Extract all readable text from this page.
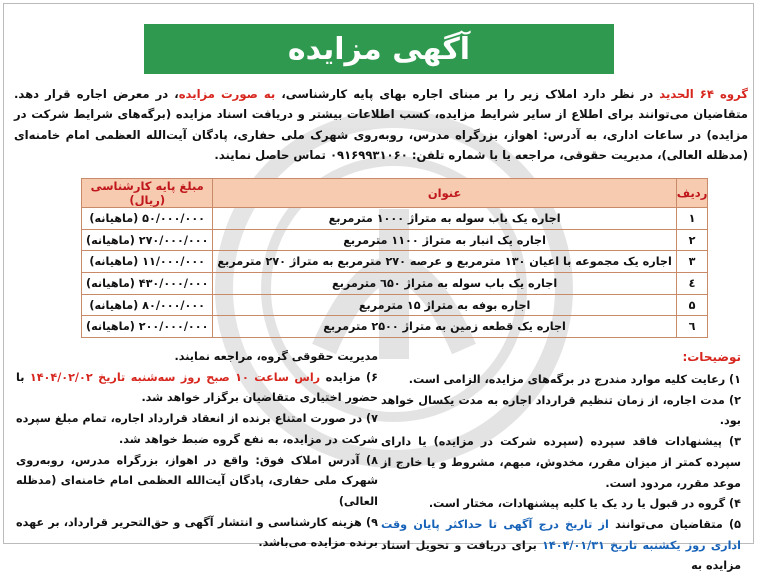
آگهی مزایده
گروه ۶۴ الحدید در نظر دارد املاک زیر را بر مبنای اجاره بهای پایه کارشناسی، به صورت مزایده، در معرض اجاره قرار دهد. متقاضیان می‌توانند برای اطلاع از سایر شرایط مزایده، کسب اطلاعات بیشتر و دریافت اسناد مزایده (برگه‌های شرایط شرکت در مزایده) در ساعات اداری، به آدرس: اهواز، بزرگراه مدرس، روبه‌روی شهرک ملی حفاری، پادگان آیت‌الله العظمی امام خامنه‌ای (مدظله العالی)، مدیریت حقوقی، مراجعه یا با شماره تلفن: ۰۹۱۶۹۹۳۱۰۶۰ تماس حاصل نمایند.
ردیف	عنوان	مبلغ پایه کارشناسی (ریال)
۱	اجاره یک باب سوله به متراژ ۱۰۰۰ مترمربع	۵۰/۰۰۰/۰۰۰ (ماهیانه)
۲	اجاره یک انبار به متراژ ۱۱۰۰ مترمربع	۲۷۰/۰۰۰/۰۰۰ (ماهیانه)
۳	اجاره یک مجموعه با اعیان ۱۳۰ مترمربع و عرصه ۲۷۰ مترمربع به متراژ ۲۷۰ مترمربع	۱۱/۰۰۰/۰۰۰ (ماهیانه)
٤	اجاره یک باب سوله به متراژ ٦۵۰ مترمربع	۴۳۰/۰۰۰/۰۰۰ (ماهیانه)
۵	اجاره بوفه به متراژ ۱۵ مترمربع	۸۰/۰۰۰/۰۰۰ (ماهیانه)
٦	اجاره یک قطعه زمین به متراژ ۲۵۰۰ مترمربع	۲۰۰/۰۰۰/۰۰۰ (ماهیانه)
توضیحات:

۱) رعایت کلیه موارد مندرج در برگه‌های مزایده، الزامی است.

۲) مدت اجاره، از زمان تنظیم قرارداد اجاره به مدت یکسال خواهد بود.

۳) پیشنهادات فاقد سپرده (سپرده شرکت در مزایده) یا دارای سپرده کمتر از میزان مقرر، مخدوش، مبهم، مشروط و یا خارج از موعد مقرر، مردود است.

۴) گروه در قبول یا رد یک یا کلیه پیشنهادات، مختار است.

۵) متقاضیان می‌توانند از تاریخ درج آگهی تا حداکثر پایان وقت اداری روز یکشنبه تاریخ ۱۴۰۴/۰۱/۳۱ برای دریافت و تحویل اسناد مزایده به

مدیریت حقوقی گروه، مراجعه نمایند.

۶) مزایده راس ساعت ۱۰ صبح روز سه‌شنبه تاریخ ۱۴۰۴/۰۲/۰۲ با حضور اختیاری متقاضیان برگزار خواهد شد.

۷) در صورت امتناع برنده از انعقاد قرارداد اجاره، تمام مبلغ سپرده شرکت در مزایده، به نفع گروه ضبط خواهد شد.

۸) آدرس املاک فوق: واقع در اهواز، بزرگراه مدرس، روبه‌روی شهرک ملی حفاری، پادگان آیت‌الله العظمی امام خامنه‌ای (مدظله العالی)

۹) هزینه کارشناسی و انتشار آگهی و حق‌التحریر قرارداد، بر عهده برنده مزایده می‌باشد.
